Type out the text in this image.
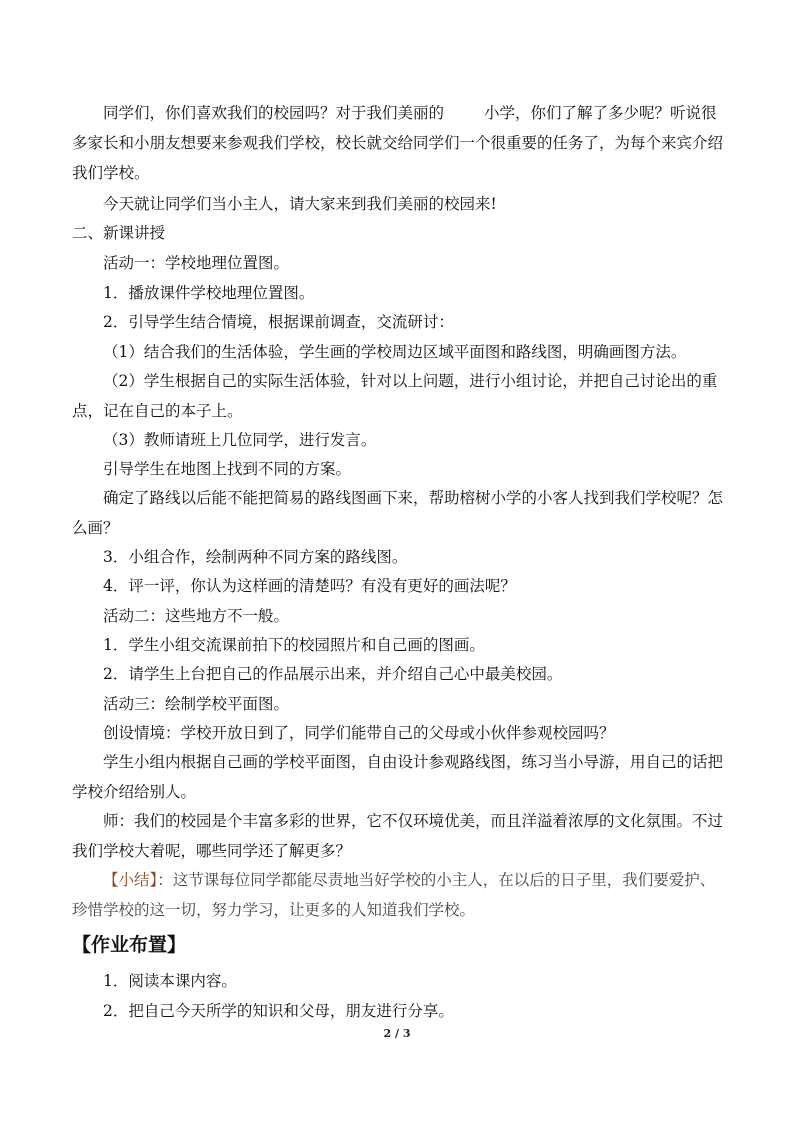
同学们，你们喜欢我们的校园吗？对于我们美丽的	小学，你们了解了多少呢？听说很多家长和小朋友想要来参观我们学校，校长就交给同学们一个很重要的任务了，为每个来宾介绍我们学校。

今天就让同学们当小主人，请大家来到我们美丽的校园来!

二、新课讲授

活动一：学校地理位置图。

1．播放课件学校地理位置图。

2．引导学生结合情境，根据课前调查，交流研讨：

（1）结合我们的生活体验，学生画的学校周边区域平面图和路线图，明确画图方法。

（2）学生根据自己的实际生活体验，针对以上问题，进行小组讨论，并把自己讨论出的重点，记在自己的本子上。

（3）教师请班上几位同学，进行发言。

引导学生在地图上找到不同的方案。

确定了路线以后能不能把简易的路线图画下来，帮助榕树小学的小客人找到我们学校呢？怎么画？

3．小组合作，绘制两种不同方案的路线图。

4．评一评，你认为这样画的清楚吗？有没有更好的画法呢？

活动二：这些地方不一般。

1．学生小组交流课前拍下的校园照片和自己画的图画。

2．请学生上台把自己的作品展示出来，并介绍自己心中最美校园。

活动三：绘制学校平面图。

创设情境：学校开放日到了，同学们能带自己的父母或小伙伴参观校园吗？

学生小组内根据自己画的学校平面图，自由设计参观路线图，练习当小导游，用自己的话把学校介绍给别人。

师：我们的校园是个丰富多彩的世界，它不仅环境优美，而且洋溢着浓厚的文化氛围。不过我们学校大着呢，哪些同学还了解更多？

【小结】：这节课每位同学都能尽责地当好学校的小主人，在以后的日子里，我们要爱护、珍惜学校的这一切，努力学习，让更多的人知道我们学校。

【作业布置】

1．阅读本课内容。

2．把自己今天所学的知识和父母，朋友进行分享。

2 / 3
